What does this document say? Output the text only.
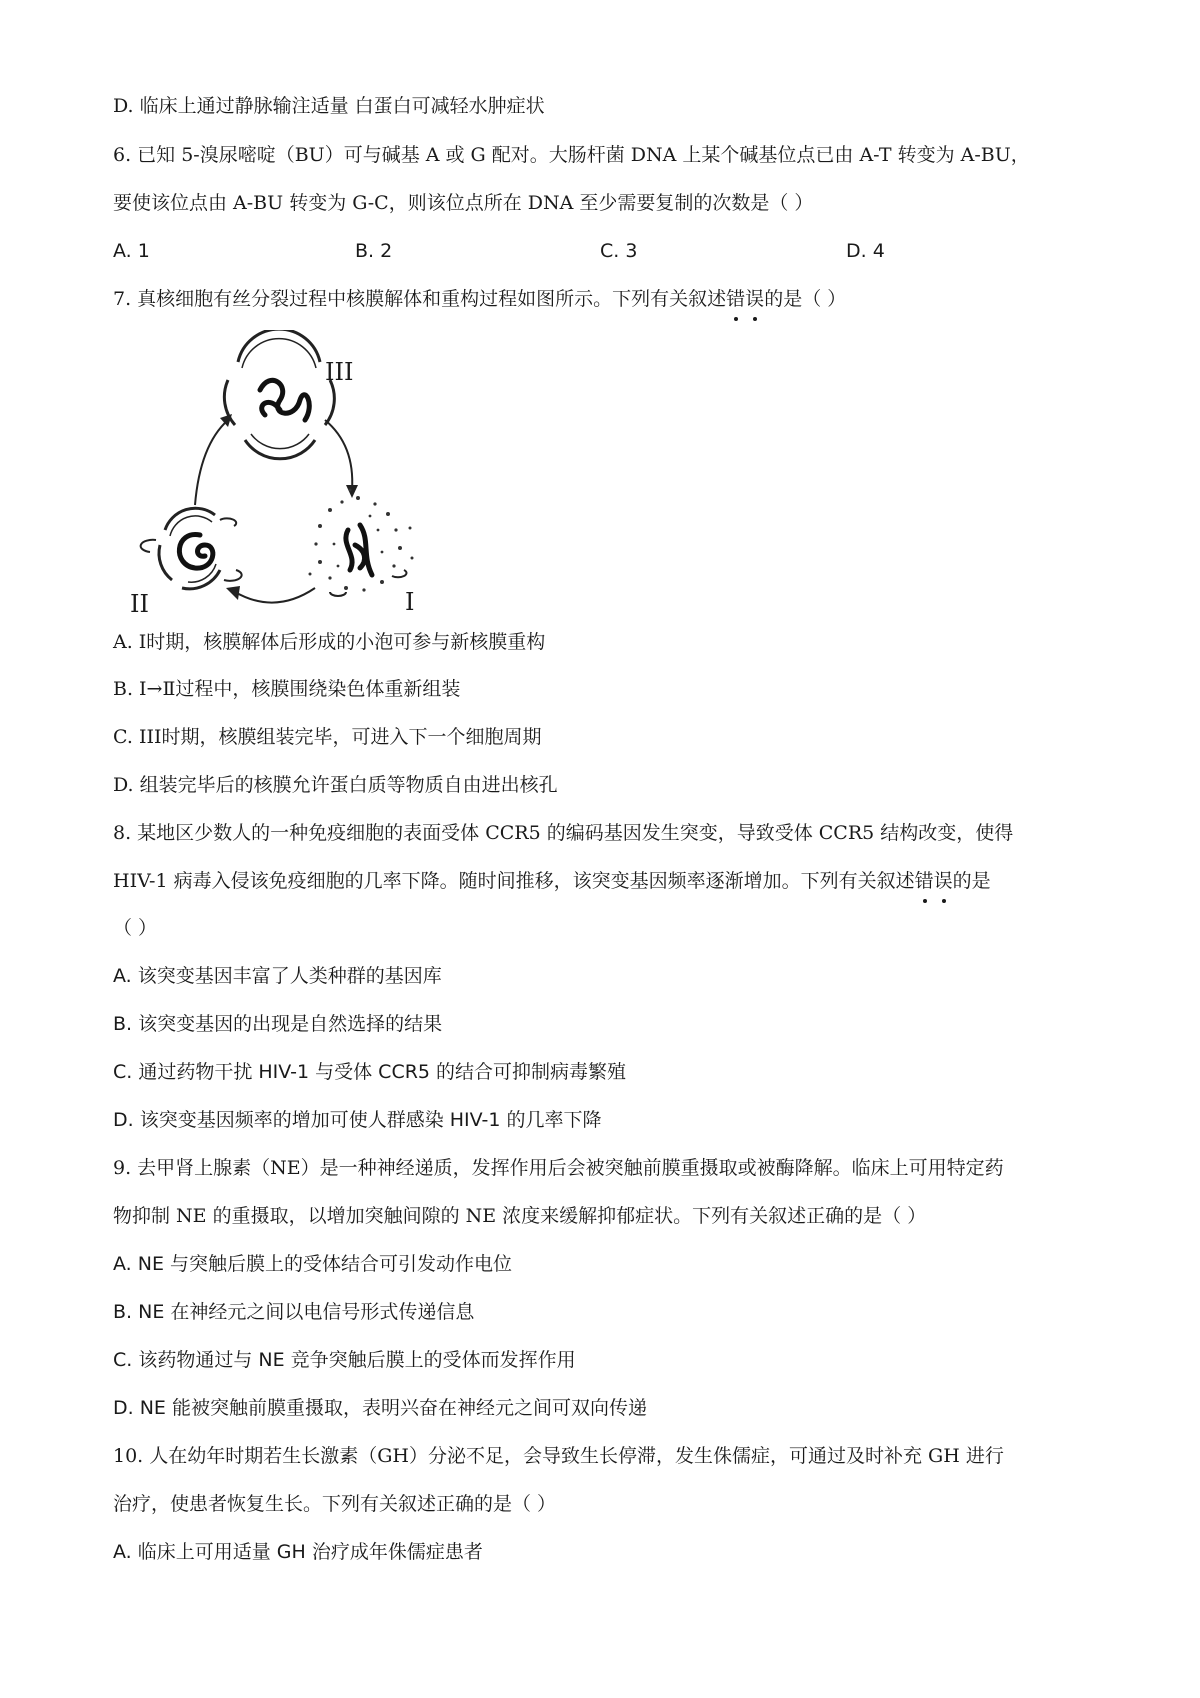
D. 临床上通过静脉输注适量 白蛋白可减轻水肿症状
6. 已知 5-溴尿嘧啶（BU）可与碱基 A 或 G 配对。大肠杆菌 DNA 上某个碱基位点已由 A-T 转变为 A-BU，
要使该位点由 A-BU 转变为 G-C，则该位点所在 DNA 至少需要复制的次数是（ ）
A. 1	B. 2	C. 3	D. 4
7. 真核细胞有丝分裂过程中核膜解体和重构过程如图所示。下列有关叙述错误
的是（ ）
III
I
II
A. Ⅰ时期，核膜解体后形成的小泡可参与新核膜重构
B. Ⅰ→Ⅱ过程中，核膜围绕染色体重新组装
C. III时期，核膜组装完毕，可进入下一个细胞周期
D. 组装完毕后的核膜允许蛋白质等物质自由进出核孔
8. 某地区少数人的一种免疫细胞的表面受体 CCR5 的编码基因发生突变，导致受体 CCR5 结构改变，使得
HIV-1 病毒入侵该免疫细胞的几率下降。随时间推移，该突变基因频率逐渐增加。下列有关叙述错误
的是
（ ）
A. 该突变基因丰富了人类种群的基因库
B. 该突变基因的出现是自然选择的结果
C. 通过药物干扰 HIV-1 与受体 CCR5 的结合可抑制病毒繁殖
D. 该突变基因频率的增加可使人群感染 HIV-1 的几率下降
9. 去甲肾上腺素（NE）是一种神经递质，发挥作用后会被突触前膜重摄取或被酶降解。临床上可用特定药
物抑制 NE 的重摄取，以增加突触间隙的 NE 浓度来缓解抑郁症状。下列有关叙述正确的是（ ）
A. NE 与突触后膜上的受体结合可引发动作电位
B. NE 在神经元之间以电信号形式传递信息
C. 该药物通过与 NE 竞争突触后膜上的受体而发挥作用
D. NE 能被突触前膜重摄取，表明兴奋在神经元之间可双向传递
10. 人在幼年时期若生长激素（GH）分泌不足，会导致生长停滞，发生侏儒症，可通过及时补充 GH 进行
治疗，使患者恢复生长。下列有关叙述正确的是（ ）
A. 临床上可用适量 GH 治疗成年侏儒症患者
